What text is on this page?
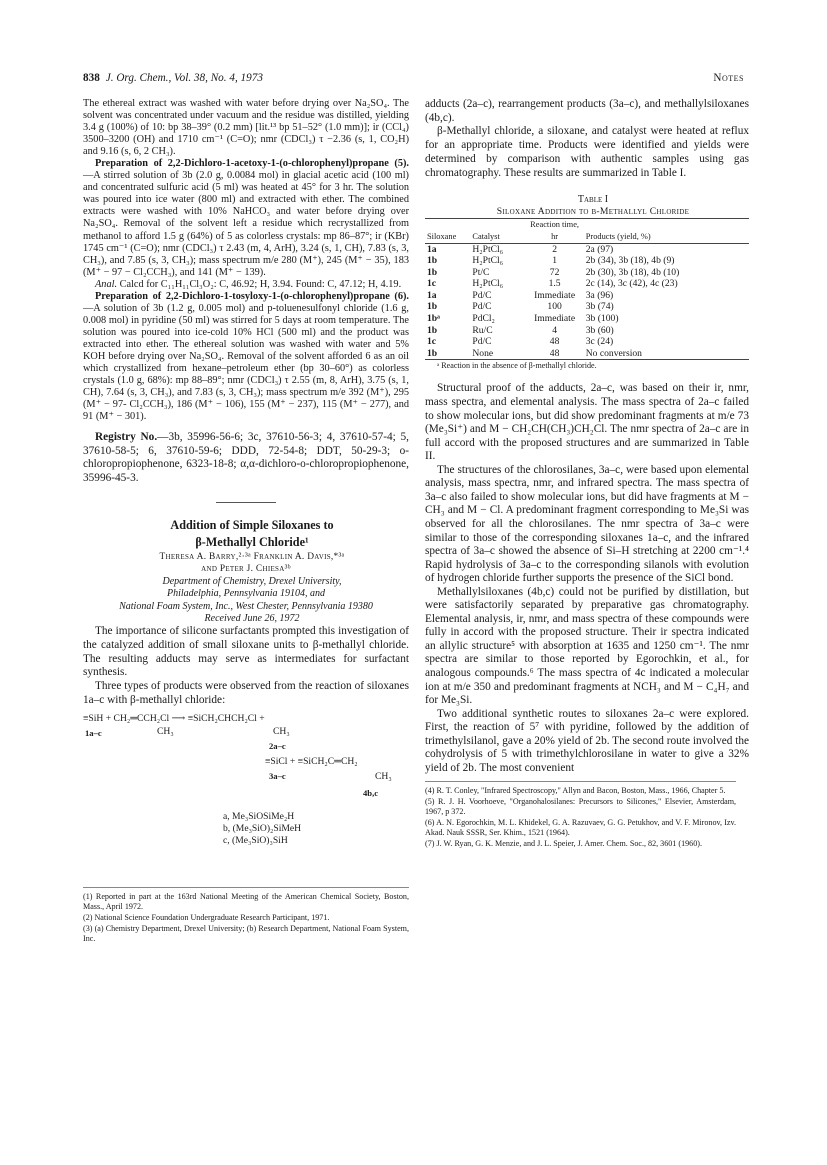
838 J. Org. Chem., Vol. 38, No. 4, 1973	Notes

The ethereal extract was washed with water before drying over Na₂SO₄. The solvent was concentrated under vacuum and the residue was distilled, yielding 3.4 g (100%) of 10: bp 38–39° (0.2 mm) [lit.¹³ bp 51–52° (1.0 mm)]; ir (CCl₄) 3500–3200 (OH) and 1710 cm⁻¹ (C=O); nmr (CDCl₃) τ −2.36 (s, 1, CO₂H) and 9.16 (s, 6, 2 CH₃).

Preparation of 2,2-Dichloro-1-acetoxy-1-(o-chlorophenyl)propane (5).—A stirred solution of 3b (2.0 g, 0.0084 mol) in glacial acetic acid (100 ml) and concentrated sulfuric acid (5 ml) was heated at 45° for 3 hr. The solution was poured into ice water (800 ml) and extracted with ether. The combined extracts were washed with 10% NaHCO₃ and water before drying over Na₂SO₄. Removal of the solvent left a residue which recrystallized from methanol to afford 1.5 g (64%) of 5 as colorless crystals: mp 86–87°; ir (KBr) 1745 cm⁻¹ (C=O); nmr (CDCl₃) τ 2.43 (m, 4, ArH), 3.24 (s, 1, CH), 7.83 (s, 3, CH₃), and 7.85 (s, 3, CH₃); mass spectrum m/e 280 (M⁺), 245 (M⁺ − 35), 183 (M⁺ − 97 − Cl₂CCH₃), and 141 (M⁺ − 139).

Anal. Calcd for C₁₁H₁₁Cl₃O₂: C, 46.92; H, 3.94. Found: C, 47.12; H, 4.19.

Preparation of 2,2-Dichloro-1-tosyloxy-1-(o-chlorophenyl)propane (6).—A solution of 3b (1.2 g, 0.005 mol) and p-toluenesulfonyl chloride (1.6 g, 0.008 mol) in pyridine (50 ml) was stirred for 5 days at room temperature. The solution was poured into ice-cold 10% HCl (500 ml) and the product was extracted into ether. The ethereal solution was washed with water and 5% KOH before drying over Na₂SO₄. Removal of the solvent afforded 6 as an oil which crystallized from hexane–petroleum ether (bp 30–60°) as colorless crystals (1.0 g, 68%): mp 88–89°; nmr (CDCl₃) τ 2.55 (m, 8, ArH), 3.75 (s, 1, CH), 7.64 (s, 3, CH₃), and 7.83 (s, 3, CH₃); mass spectrum m/e 392 (M⁺), 295 (M⁺ − 97- Cl₂CCH₃), 186 (M⁺ − 106), 155 (M⁺ − 237), 115 (M⁺ − 277), and 91 (M⁺ − 301).

Registry No.—3b, 35996-56-6; 3c, 37610-56-3; 4, 37610-57-4; 5, 37610-58-5; 6, 37610-59-6; DDD, 72-54-8; DDT, 50-29-3; o-chloropropiophenone, 6323-18-8; α,α-dichloro-o-chloropropiophenone, 35996-45-3.

Addition of Simple Siloxanes to

β-Methallyl Chloride¹

Theresa A. Barry,²·³ᵃ Franklin A. Davis,*³ᵃ
and Peter J. Chiesa³ᵇ

Department of Chemistry, Drexel University,
Philadelphia, Pennsylvania 19104, and
National Foam System, Inc., West Chester, Pennsylvania 19380

Received June 26, 1972

The importance of silicone surfactants prompted this investigation of the catalyzed addition of small siloxane units to β-methallyl chloride. The resulting adducts may serve as intermediates for surfactant synthesis.

Three types of products were observed from the reaction of siloxanes 1a–c with β-methallyl chloride:

≡SiH + CH₂═CCH₂Cl ⟶ ≡SiCH₂CHCH₂Cl +
1a–c	CH₃	CH₃
2a–c
≡SiCl + ≡SiCH₂C═CH₂
3a–c	CH₃
4b,c
a, Me₃SiOSiMe₂H
b, (Me₃SiO)₂SiMeH
c, (Me₃SiO)₃SiH

(1) Reported in part at the 163rd National Meeting of the American Chemical Society, Boston, Mass., April 1972.

(2) National Science Foundation Undergraduate Research Participant, 1971.

(3) (a) Chemistry Department, Drexel University; (b) Research Department, National Foam System, Inc.

adducts (2a–c), rearrangement products (3a–c), and methallylsiloxanes (4b,c).

β-Methallyl chloride, a siloxane, and catalyst were heated at reflux for an appropriate time. Products were identified and yields were determined by comparison with authentic samples using gas chromatography. These results are summarized in Table I.

Table I

Siloxane Addition to β-Methallyl Chloride

Siloxane	Catalyst	Reaction time, hr	Products (yield, %)
1a	H₂PtCl₆	2	2a (97)
1b	H₂PtCl₆	1	2b (34), 3b (18), 4b (9)
1b	Pt/C	72	2b (30), 3b (18), 4b (10)
1c	H₂PtCl₆	1.5	2c (14), 3c (42), 4c (23)
1a	Pd/C	Immediate	3a (96)
1b	Pd/C	100	3b (74)
1bᵃ	PdCl₂	Immediate	3b (100)
1b	Ru/C	4	3b (60)
1c	Pd/C	48	3c (24)
1b	None	48	No conversion

ᵃ Reaction in the absence of β-methallyl chloride.

Structural proof of the adducts, 2a–c, was based on their ir, nmr, mass spectra, and elemental analysis. The mass spectra of 2a–c failed to show molecular ions, but did show predominant fragments at m/e 73 (Me₃Si⁺) and M − CH₂CH(CH₃)CH₂Cl. The nmr spectra of 2a–c are in full accord with the proposed structures and are summarized in Table II.

The structures of the chlorosilanes, 3a–c, were based upon elemental analysis, mass spectra, nmr, and infrared spectra. The mass spectra of 3a–c also failed to show molecular ions, but did have fragments at M − CH₃ and M − Cl. A predominant fragment corresponding to Me₃Si was observed for all the chlorosilanes. The nmr spectra of 3a–c were similar to those of the corresponding siloxanes 1a–c, and the infrared spectra of 3a–c showed the absence of Si–H stretching at 2200 cm⁻¹.⁴ Rapid hydrolysis of 3a–c to the corresponding silanols with evolution of hydrogen chloride further supports the presence of the SiCl bond.

Methallylsiloxanes (4b,c) could not be purified by distillation, but were satisfactorily separated by preparative gas chromatography. Elemental analysis, ir, nmr, and mass spectra of these compounds were fully in accord with the proposed structure. Their ir spectra indicated an allylic structure⁵ with absorption at 1635 and 1250 cm⁻¹. The nmr spectra are similar to those reported by Egorochkin, et al., for analogous compounds.⁶ The mass spectra of 4c indicated a molecular ion at m/e 350 and predominant fragments at NCH₃ and M − C₄H₇ and for Me₃Si.

Two additional synthetic routes to siloxanes 2a–c were explored. First, the reaction of 5⁷ with pyridine, followed by the addition of trimethylsilanol, gave a 20% yield of 2b. The second route involved the cohydrolysis of 5 with trimethylchlorosilane in water to give a 32% yield of 2b. The most convenient

(4) R. T. Conley, "Infrared Spectroscopy," Allyn and Bacon, Boston, Mass., 1966, Chapter 5.

(5) R. J. H. Voorhoeve, "Organohalosilanes: Precursors to Silicones," Elsevier, Amsterdam, 1967, p 372.

(6) A. N. Egorochkin, M. L. Khidekel, G. A. Razuvaev, G. G. Petukhov, and V. F. Mironov, Izv. Akad. Nauk SSSR, Ser. Khim., 1521 (1964).

(7) J. W. Ryan, G. K. Menzie, and J. L. Speier, J. Amer. Chem. Soc., 82, 3601 (1960).
